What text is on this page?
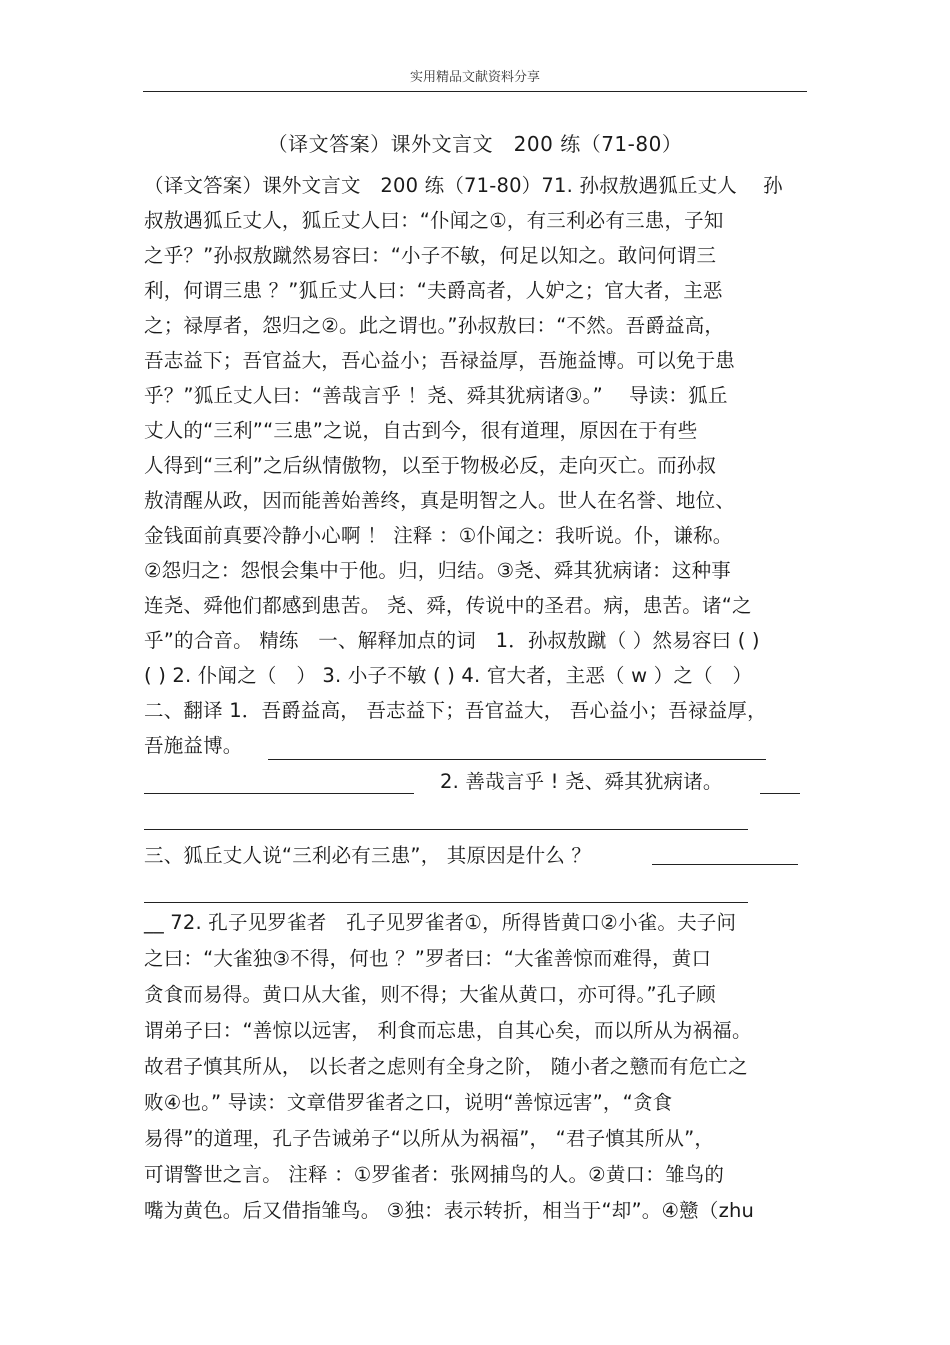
实用精品文献资料分享
（译文答案）课外文言文　200 练（71-80）
（译文答案）课外文言文　200 练（71-80）71. 孙叔敖遇狐丘丈人　 孙
叔敖遇狐丘丈人，狐丘丈人曰：“仆闻之①，有三利必有三患，子知
之乎？”孙叔敖蹴然易容曰：“小子不敏，何足以知之。敢问何谓三
利，何谓三患 ？”狐丘丈人曰：“夫爵高者，人妒之；官大者，主恶
之；禄厚者，怨归之②。此之谓也。”孙叔敖曰：“不然。吾爵益高，
吾志益下；吾官益大，吾心益小；吾禄益厚，吾施益博。可以免于患
乎？”狐丘丈人曰：“善哉言乎 ！尧、舜其犹病诸③。”　 导读：狐丘
丈人的“三利”“三患”之说，自古到今，很有道理，原因在于有些
人得到“三利”之后纵情傲物，以至于物极必反，走向灭亡。而孙叔
敖清醒从政，因而能善始善终，真是明智之人。世人在名誉、地位、
金钱面前真要冷静小心啊 ！ 注释 ：①仆闻之：我听说。仆，谦称。
②怨归之：怨恨会集中于他。归，归结。③尧、舜其犹病诸：这种事
连尧、舜他们都感到患苦。 尧、舜，传说中的圣君。病，患苦。诸“之
乎”的合音。 精练　一、解释加点的词　1．孙叔敖蹴（ ）然易容曰 ( )
( ) 2. 仆闻之（　） 3. 小子不敏 ( ) 4. 官大者，主恶（ w ）之（　）
二、翻译 1．吾爵益高， 吾志益下；吾官益大， 吾心益小；吾禄益厚，
吾施益博。
2. 善哉言乎 ! 尧、舜其犹病诸。
三、狐丘丈人说“三利必有三患”， 其原因是什么 ？
__ 72. 孔子见罗雀者　孔子见罗雀者①，所得皆黄口②小雀。夫子问
之曰：“大雀独③不得，何也 ？”罗者曰：“大雀善惊而难得，黄口
贪食而易得。黄口从大雀，则不得；大雀从黄口，亦可得。”孔子顾
谓弟子曰：“善惊以远害， 利食而忘患，自其心矣，而以所从为祸福。
故君子慎其所从， 以长者之虑则有全身之阶， 随小者之戆而有危亡之
败④也。” 导读：文章借罗雀者之口，说明“善惊远害”，“贪食
易得”的道理，孔子告诫弟子“以所从为祸福”， “君子慎其所从”，
可谓警世之言。 注释 ：①罗雀者：张网捕鸟的人。②黄口：雏鸟的
嘴为黄色。后又借指雏鸟。 ③独：表示转折，相当于“却”。④戆（zhu
